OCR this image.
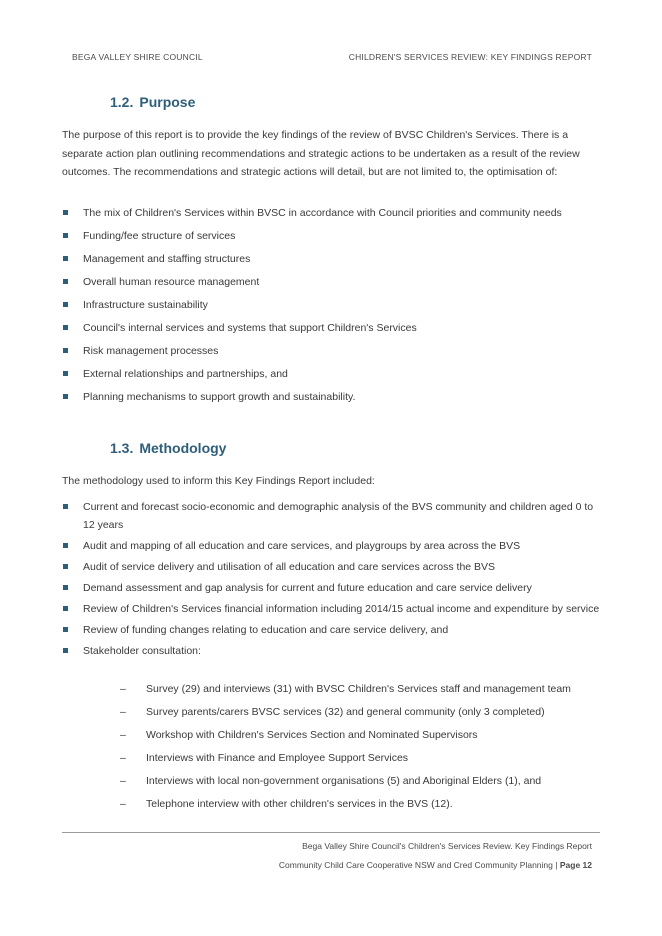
BEGA VALLEY SHIRE COUNCIL	CHILDREN'S SERVICES REVIEW: KEY FINDINGS REPORT
1.2. Purpose
The purpose of this report is to provide the key findings of the review of BVSC Children's Services. There is a separate action plan outlining recommendations and strategic actions to be undertaken as a result of the review outcomes. The recommendations and strategic actions will detail, but are not limited to, the optimisation of:
The mix of Children's Services within BVSC in accordance with Council priorities and community needs
Funding/fee structure of services
Management and staffing structures
Overall human resource management
Infrastructure sustainability
Council's internal services and systems that support Children's Services
Risk management processes
External relationships and partnerships, and
Planning mechanisms to support growth and sustainability.
1.3. Methodology
The methodology used to inform this Key Findings Report included:
Current and forecast socio-economic and demographic analysis of the BVS community and children aged 0 to 12 years
Audit and mapping of all education and care services, and playgroups by area across the BVS
Audit of service delivery and utilisation of all education and care services across the BVS
Demand assessment and gap analysis for current and future education and care service delivery
Review of Children's Services financial information including 2014/15 actual income and expenditure by service
Review of funding changes relating to education and care service delivery, and
Stakeholder consultation:
– Survey (29) and interviews (31) with BVSC Children's Services staff and management team
– Survey parents/carers BVSC services (32) and general community (only 3 completed)
– Workshop with Children's Services Section and Nominated Supervisors
– Interviews with Finance and Employee Support Services
– Interviews with local non-government organisations (5) and Aboriginal Elders (1), and
– Telephone interview with other children's services in the BVS (12).
Bega Valley Shire Council's Children's Services Review. Key Findings Report
Community Child Care Cooperative NSW and Cred Community Planning | Page 12
